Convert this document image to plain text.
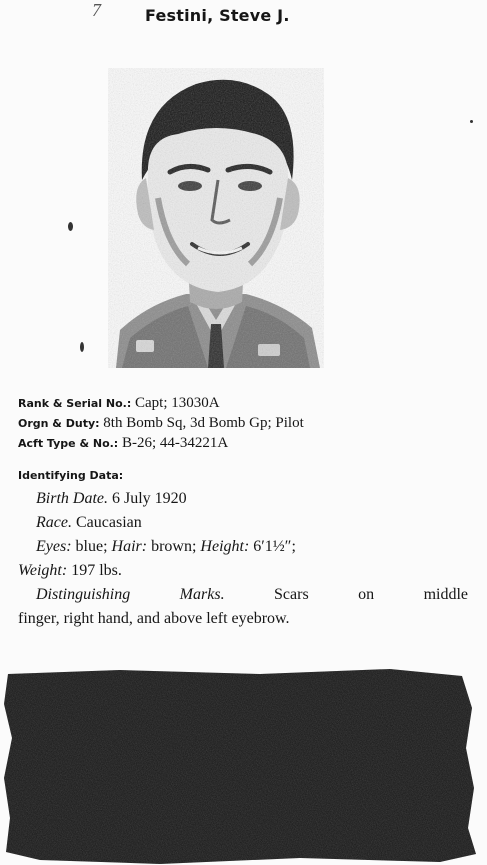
7	Festini, Steve J.
Rank & Serial No.: Capt; 13030A
Orgn & Duty: 8th Bomb Sq, 3d Bomb Gp; Pilot
Acft Type & No.: B-26; 44-34221A
Identifying Data:
Birth Date. 6 July 1920
Race. Caucasian
Eyes: blue; Hair: brown; Height: 6′1½″;
Weight: 197 lbs.
Distinguishing Marks.	Scars on middle
finger, right hand, and above left eyebrow.
